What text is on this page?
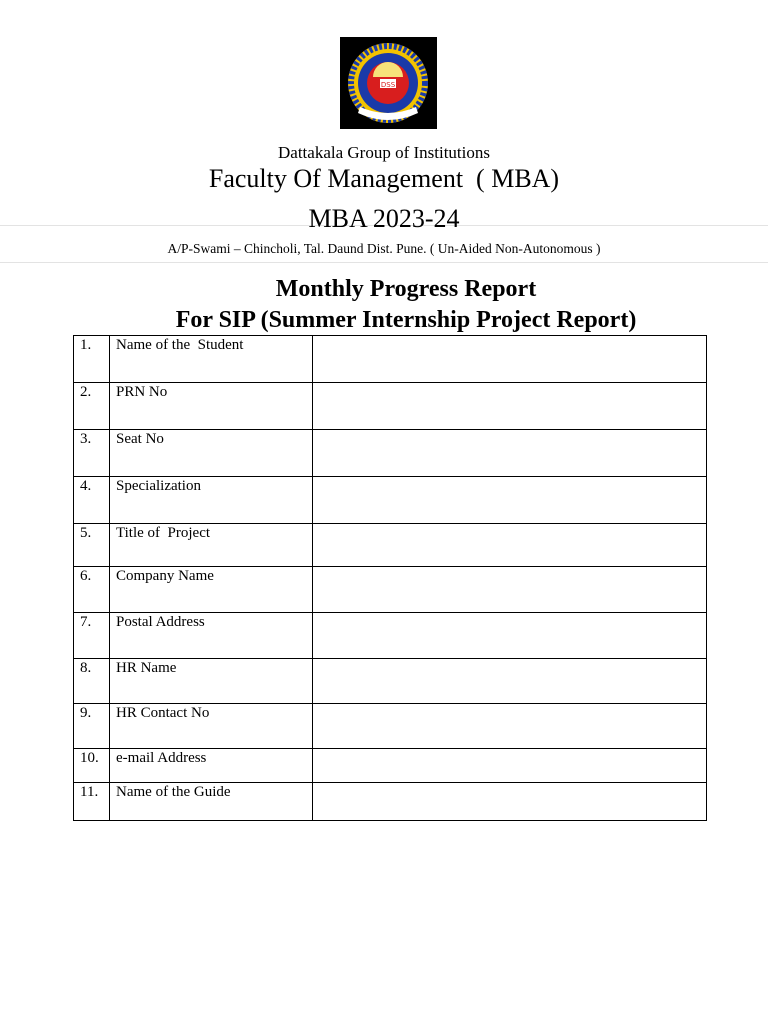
DSS
Dattakala Group of Institutions
Faculty Of Management  ( MBA)
MBA 2023-24
A/P-Swami – Chincholi, Tal. Daund Dist. Pune. ( Un-Aided Non-Autonomous )
Monthly Progress Report
For SIP (Summer Internship Project Report)
1.	Name of the  Student	
2.	PRN No	
3.	Seat No	
4.	Specialization	
5.	Title of  Project	
6.	Company Name	
7.	Postal Address	
8.	HR Name	
9.	HR Contact No	
10.	e-mail Address	
11.	Name of the Guide	
